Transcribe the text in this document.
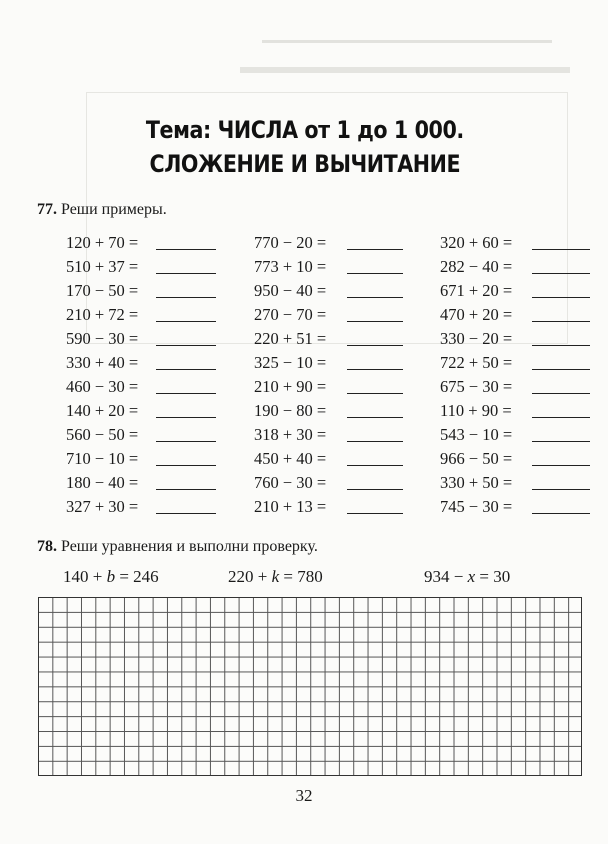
Тема: ЧИСЛА от 1 до 1 000.
СЛОЖЕНИЕ И ВЫЧИТАНИЕ
77. Реши примеры.
120 + 70 =
510 + 37 =
170 − 50 =
210 + 72 =
590 − 30 =
330 + 40 =
460 − 30 =
140 + 20 =
560 − 50 =
710 − 10 =
180 − 40 =
327 + 30 =
770 − 20 =
773 + 10 =
950 − 40 =
270 − 70 =
220 + 51 =
325 − 10 =
210 + 90 =
190 − 80 =
318 + 30 =
450 + 40 =
760 − 30 =
210 + 13 =
320 + 60 =
282 − 40 =
671 + 20 =
470 + 20 =
330 − 20 =
722 + 50 =
675 − 30 =
110 + 90 =
543 − 10 =
966 − 50 =
330 + 50 =
745 − 30 =
78. Реши уравнения и выполни проверку.
140 + b = 246	220 + k = 780	934 − x = 30
32
